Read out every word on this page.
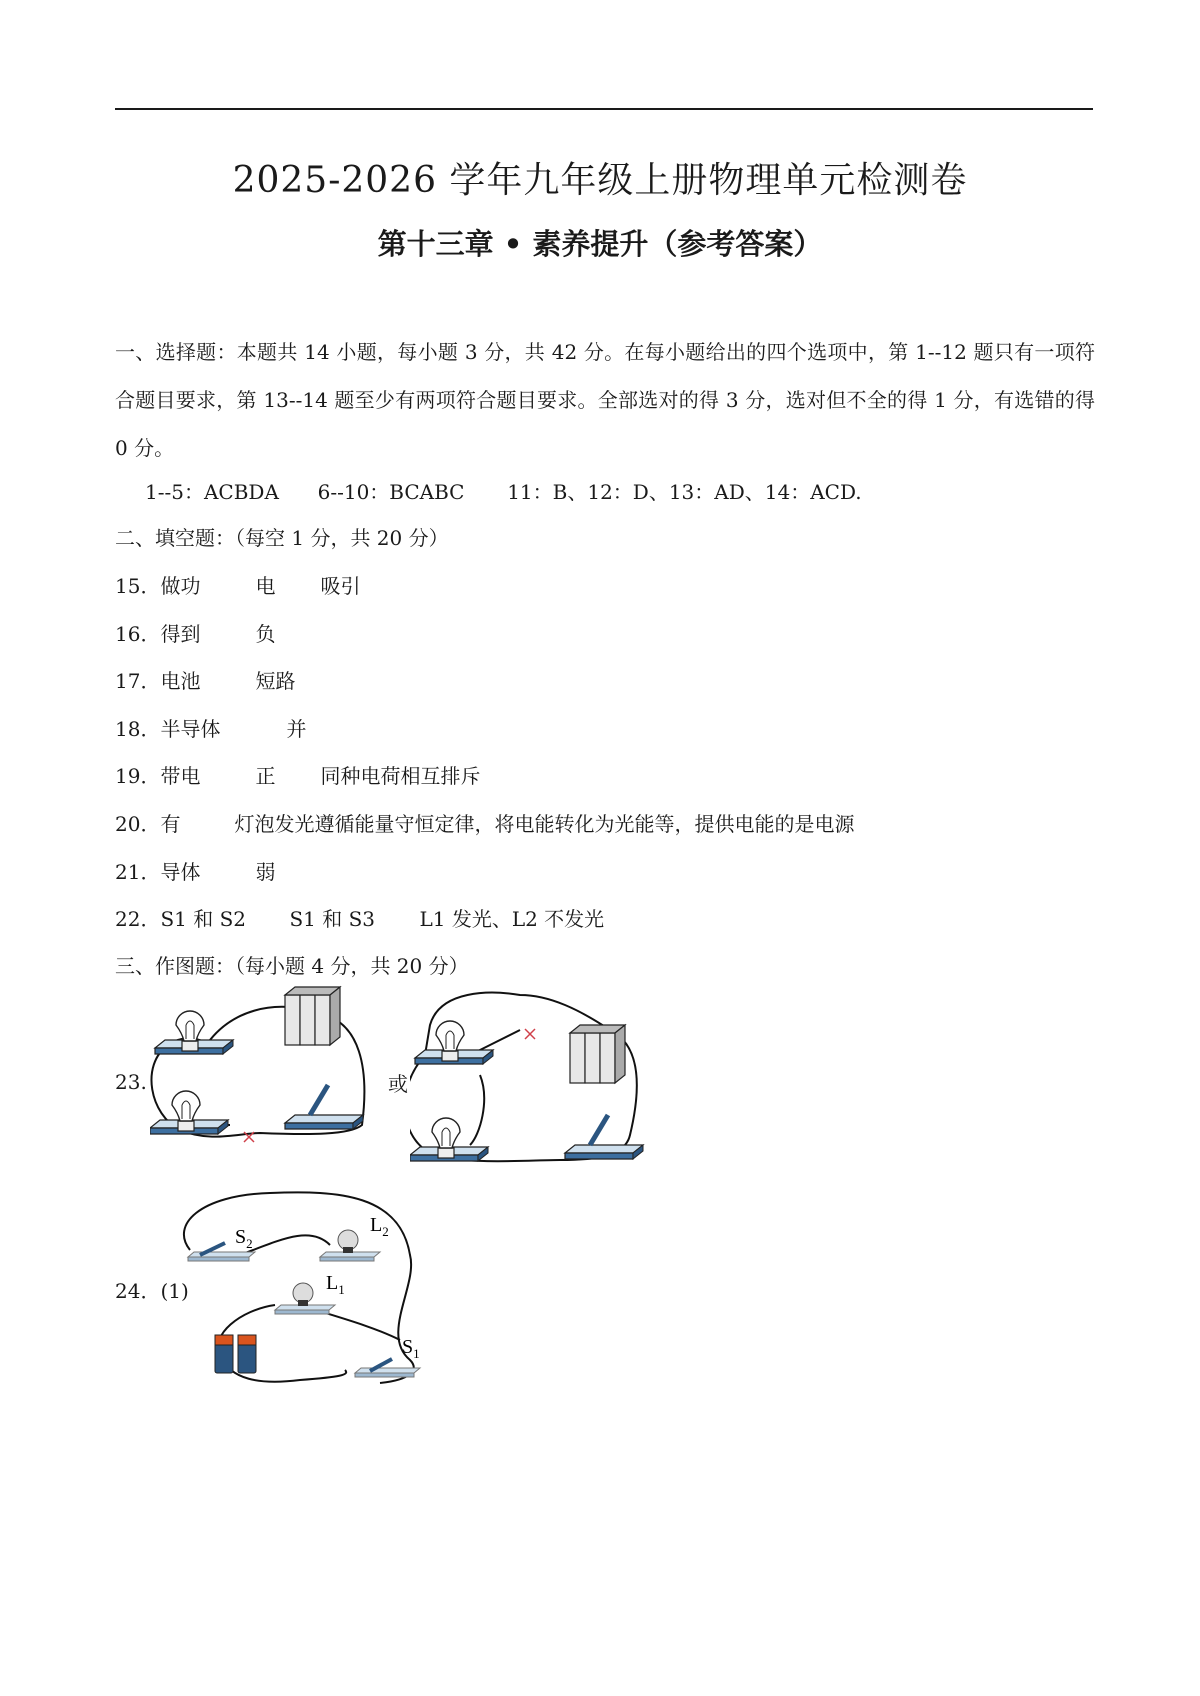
2025-2026 学年九年级上册物理单元检测卷
第十三章 • 素养提升（参考答案）
一、选择题：本题共 14 小题，每小题 3 分，共 42 分。在每小题给出的四个选项中，第 1--12 题只有一项符合题目要求，第 13--14 题至少有两项符合题目要求。全部选对的得 3 分，选对但不全的得 1 分，有选错的得 0 分。
1--5：ACBDA 6--10：BCABC 11：B、12：D、13：AD、14：ACD.
二、填空题：（每空 1 分，共 20 分）
15．做功	电 吸引
16．得到	负
17．电池	短路
18．半导体	并
19．带电	正 同种电荷相互排斥
20．有	灯泡发光遵循能量守恒定律，将电能转化为光能等，提供电能的是电源
21．导体	弱
22．S1 和 S2 S1 和 S3 L1 发光、L2 不发光
三、作图题：（每小题 4 分，共 20 分）
23.	或
24．(1)
$S_2$
$L_2$
$L_1$
$S_1$
